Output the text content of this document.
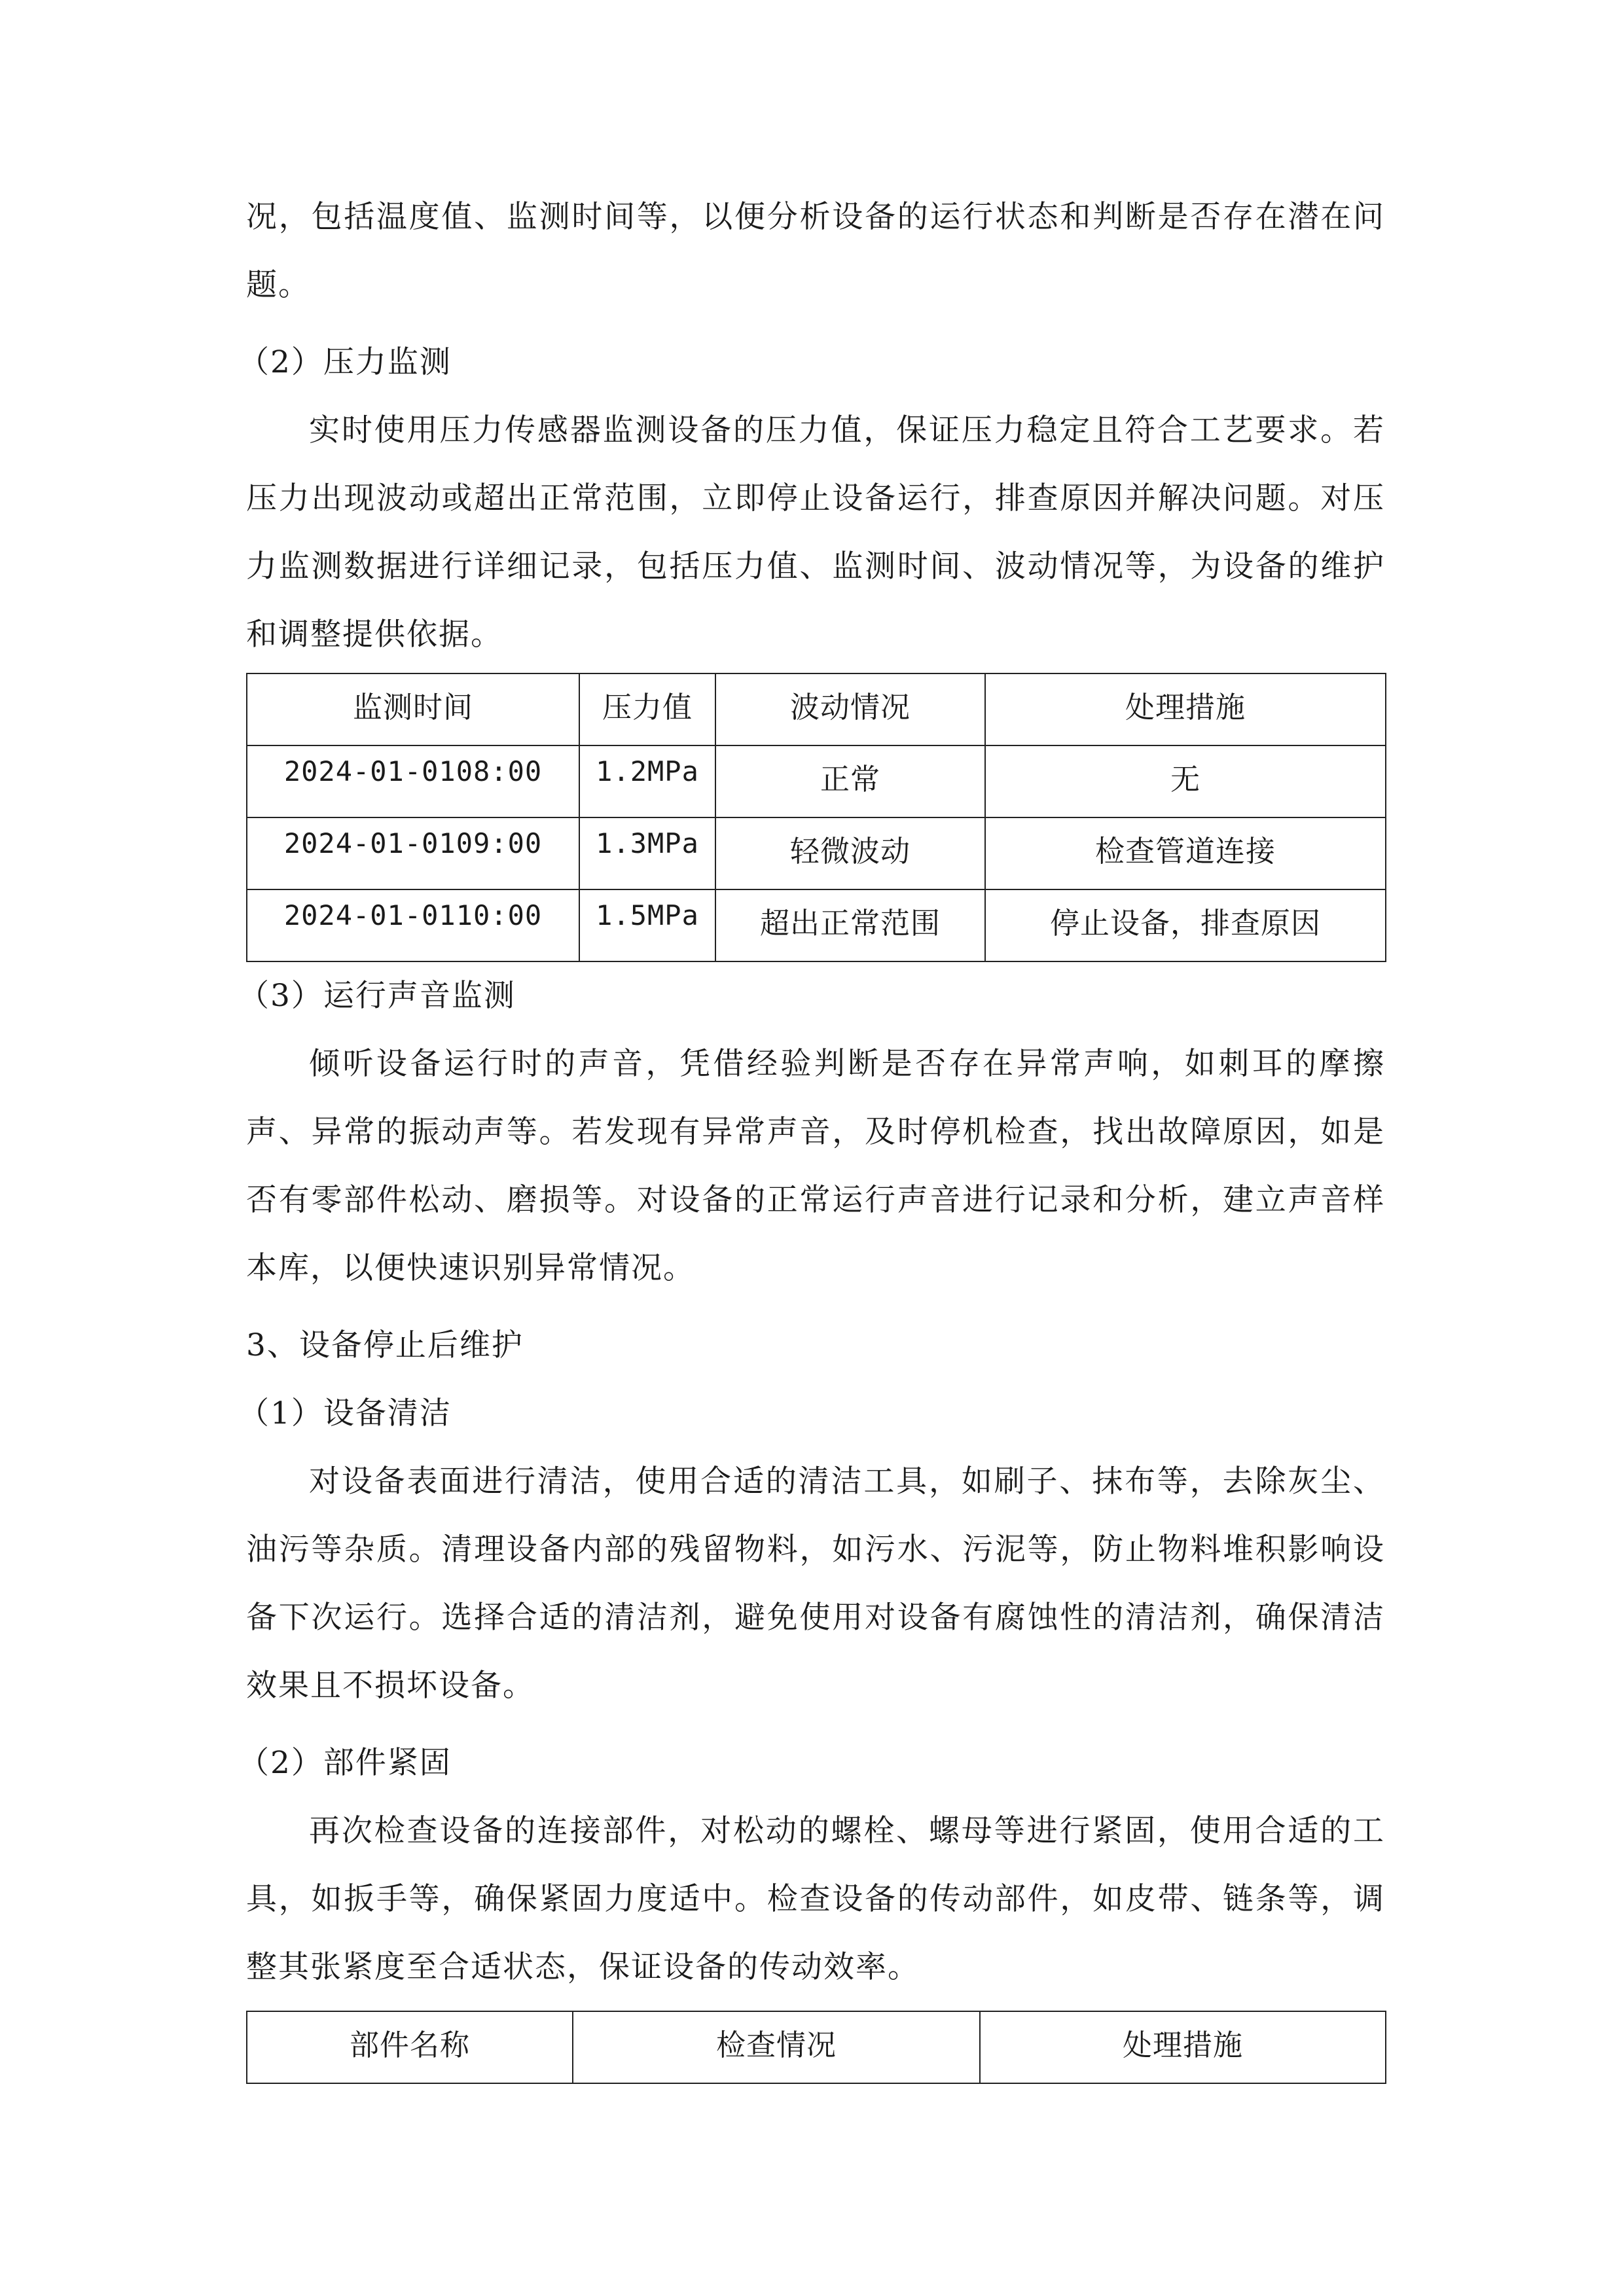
况，包括温度值、监测时间等，以便分析设备的运行状态和判断是否存在潜在问题。

（2）压力监测

实时使用压力传感器监测设备的压力值，保证压力稳定且符合工艺要求。若压力出现波动或超出正常范围，立即停止设备运行，排查原因并解决问题。对压力监测数据进行详细记录，包括压力值、监测时间、波动情况等，为设备的维护和调整提供依据。

监测时间	压力值	波动情况	处理措施
2024-01-0108:00	1.2MPa	正常	无
2024-01-0109:00	1.3MPa	轻微波动	检查管道连接
2024-01-0110:00	1.5MPa	超出正常范围	停止设备，排查原因

（3）运行声音监测

倾听设备运行时的声音，凭借经验判断是否存在异常声响，如刺耳的摩擦声、异常的振动声等。若发现有异常声音，及时停机检查，找出故障原因，如是否有零部件松动、磨损等。对设备的正常运行声音进行记录和分析，建立声音样本库，以便快速识别异常情况。

3、设备停止后维护

（1）设备清洁

对设备表面进行清洁，使用合适的清洁工具，如刷子、抹布等，去除灰尘、油污等杂质。清理设备内部的残留物料，如污水、污泥等，防止物料堆积影响设备下次运行。选择合适的清洁剂，避免使用对设备有腐蚀性的清洁剂，确保清洁效果且不损坏设备。

（2）部件紧固

再次检查设备的连接部件，对松动的螺栓、螺母等进行紧固，使用合适的工具，如扳手等，确保紧固力度适中。检查设备的传动部件，如皮带、链条等，调整其张紧度至合适状态，保证设备的传动效率。

部件名称	检查情况	处理措施
